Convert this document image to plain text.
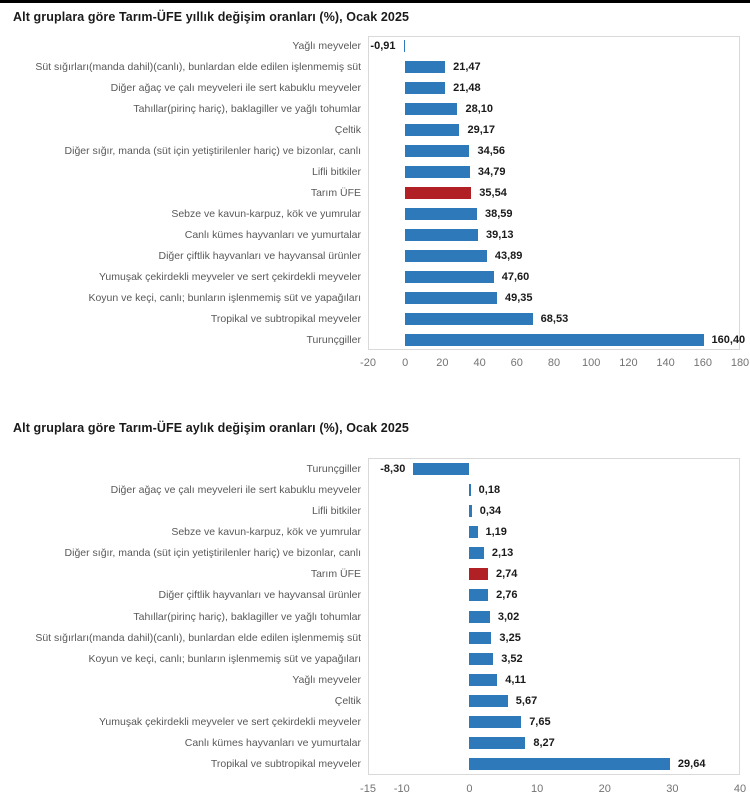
Alt gruplara göre Tarım-ÜFE yıllık değişim oranları (%), Ocak 2025
Yağlı meyveler -0,91
Süt sığırları(manda dahil)(canlı), bunlardan elde edilen işlenmemiş süt	21,47
Diğer ağaç ve çalı meyveleri ile sert kabuklu meyveler	21,48
Tahıllar(pirinç hariç), baklagiller ve yağlı tohumlar	28,10
Çeltik	29,17
Diğer sığır, manda (süt için yetiştirilenler hariç) ve bizonlar, canlı	34,56
Lifli bitkiler	34,79
Tarım ÜFE	35,54
Sebze ve kavun-karpuz, kök ve yumrular	38,59
Canlı kümes hayvanları ve yumurtalar	39,13
Diğer çiftlik hayvanları ve hayvansal ürünler	43,89
Yumuşak çekirdekli meyveler ve sert çekirdekli meyveler	47,60
Koyun ve keçi, canlı; bunların işlenmemiş süt ve yapağıları	49,35
Tropikal ve subtropikal meyveler	68,53
Turunçgiller	160,40
-20 0	20 40 60 80 100 120 140 160 180
Alt gruplara göre Tarım-ÜFE aylık değişim oranları (%), Ocak 2025
Turunçgiller -8,30
Diğer ağaç ve çalı meyveleri ile sert kabuklu meyveler	0,18
Lifli bitkiler	0,34
Sebze ve kavun-karpuz, kök ve yumrular	1,19
Diğer sığır, manda (süt için yetiştirilenler hariç) ve bizonlar, canlı	2,13
Tarım ÜFE	2,74
Diğer çiftlik hayvanları ve hayvansal ürünler	2,76
Tahıllar(pirinç hariç), baklagiller ve yağlı tohumlar	3,02
Süt sığırları(manda dahil)(canlı), bunlardan elde edilen işlenmemiş süt	3,25
Koyun ve keçi, canlı; bunların işlenmemiş süt ve yapağıları	3,52
Yağlı meyveler	4,11
Çeltik	5,67
Yumuşak çekirdekli meyveler ve sert çekirdekli meyveler	7,65
Canlı kümes hayvanları ve yumurtalar	8,27
Tropikal ve subtropikal meyveler	29,64
-15 -10	0	10	20	30	40
